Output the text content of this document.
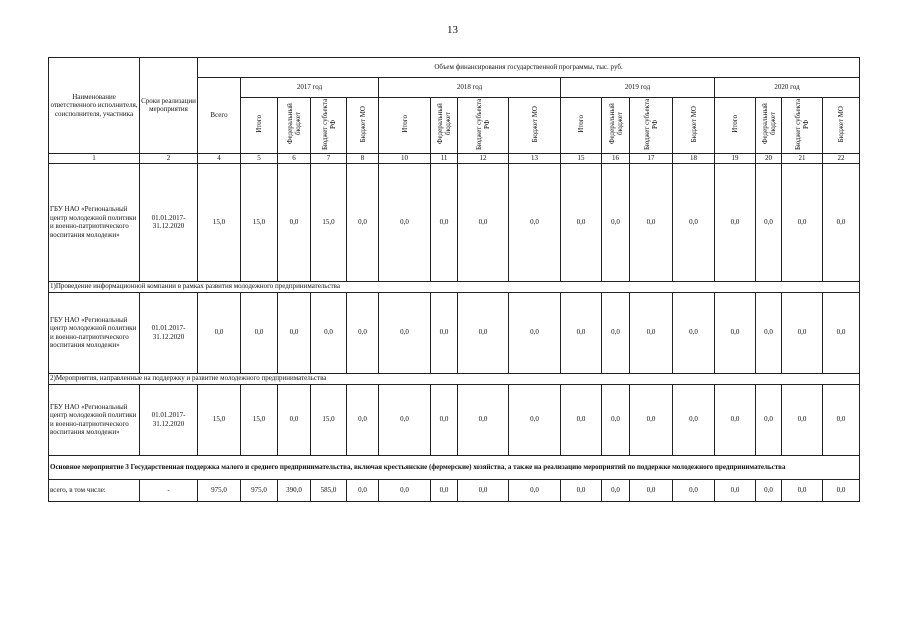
13
Наименование ответственного исполнителя, соисполнителя, участника	Сроки реализации мероприятия	Объем финансирования государственной программы, тыс. руб.																
		Всего	2017 год				2018 год				2019 год				2020 год			
			Итого	Федеральный бюджет	Бюджет субъекта РФ	Бюджет МО	Итого	Федеральный бюджет	Бюджет субъекта РФ	Бюджет МО	Итого	Федеральный бюджет	Бюджет субъекта РФ	Бюджет МО	Итого	Федеральный бюджет	Бюджет субъекта РФ	Бюджет МО
1	2	4	5	6	7	8	10	11	12	13	15	16	17	18	19	20	21	22
ГБУ НАО «Региональный центр молодежной политики и военно-патриотического воспитания молодежи»	01.01.2017-31.12.2020	15,0	15,0	0,0	15,0	0,0	0,0	0,0	0,0	0,0	0,0	0,0	0,0	0,0	0,0	0,0	0,0	0,0
1)Проведение информационной компании в рамках развития молодежного предпринимательства																		
ГБУ НАО «Региональный центр молодежной политики и военно-патриотического воспитания молодежи»	01.01.2017-31.12.2020	0,0	0,0	0,0	0,0	0,0	0,0	0,0	0,0	0,0	0,0	0,0	0,0	0,0	0,0	0,0	0,0	0,0
2)Мероприятия, направленные на поддержку и развитие молодежного предпринимательства																		
ГБУ НАО «Региональный центр молодежной политики и военно-патриотического воспитания молодежи»	01.01.2017-31.12.2020	15,0	15,0	0,0	15,0	0,0	0,0	0,0	0,0	0,0	0,0	0,0	0,0	0,0	0,0	0,0	0,0	0,0
Основное мероприятие 3 Государственная поддержка малого и среднего предпринимательства, включая крестьянские (фермерские) хозяйства, а также на реализацию мероприятий по поддержке молодежного предпринимательства																		
всего, в том числе:	-	975,0	975,0	390,0	585,0	0,0	0,0	0,0	0,0	0,0	0,0	0,0	0,0	0,0	0,0	0,0	0,0	0,0
